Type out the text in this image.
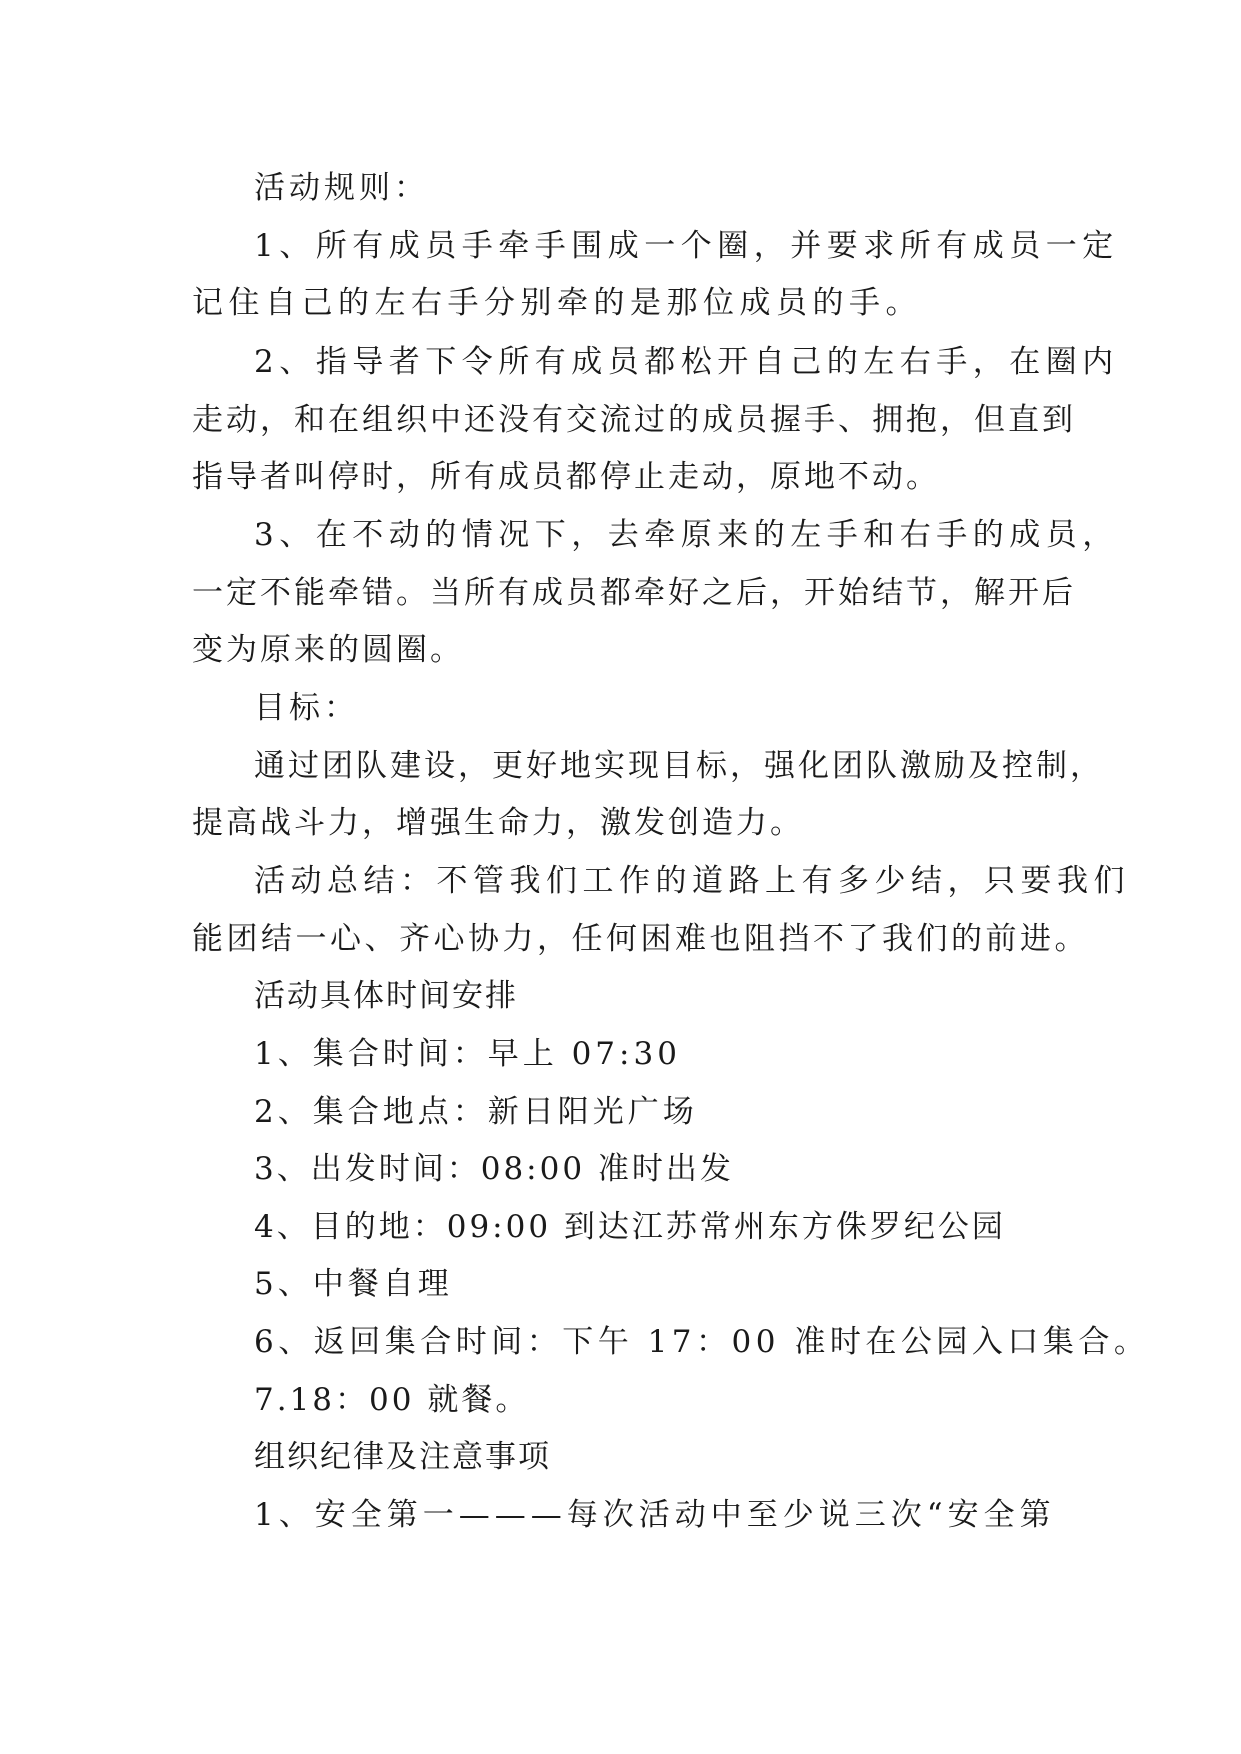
活动规则：
1、所有成员手牵手围成一个圈，并要求所有成员一定
记住自己的左右手分别牵的是那位成员的手。
2、指导者下令所有成员都松开自己的左右手，在圈内
走动，和在组织中还没有交流过的成员握手、拥抱，但直到
指导者叫停时，所有成员都停止走动，原地不动。
3、在不动的情况下，去牵原来的左手和右手的成员，
一定不能牵错。当所有成员都牵好之后，开始结节，解开后
变为原来的圆圈。
目标：
通过团队建设，更好地实现目标，强化团队激励及控制，
提高战斗力，增强生命力，激发创造力。
活动总结：不管我们工作的道路上有多少结，只要我们
能团结一心、齐心协力，任何困难也阻挡不了我们的前进。
活动具体时间安排
1、集合时间：早上 07:30
2、集合地点：新日阳光广场
3、出发时间：08:00 准时出发
4、目的地：09:00 到达江苏常州东方侏罗纪公园
5、中餐自理
6、返回集合时间：下午 17：00 准时在公园入口集合。
7.18：00 就餐。
组织纪律及注意事项
1、安全第一———每次活动中至少说三次“安全第
